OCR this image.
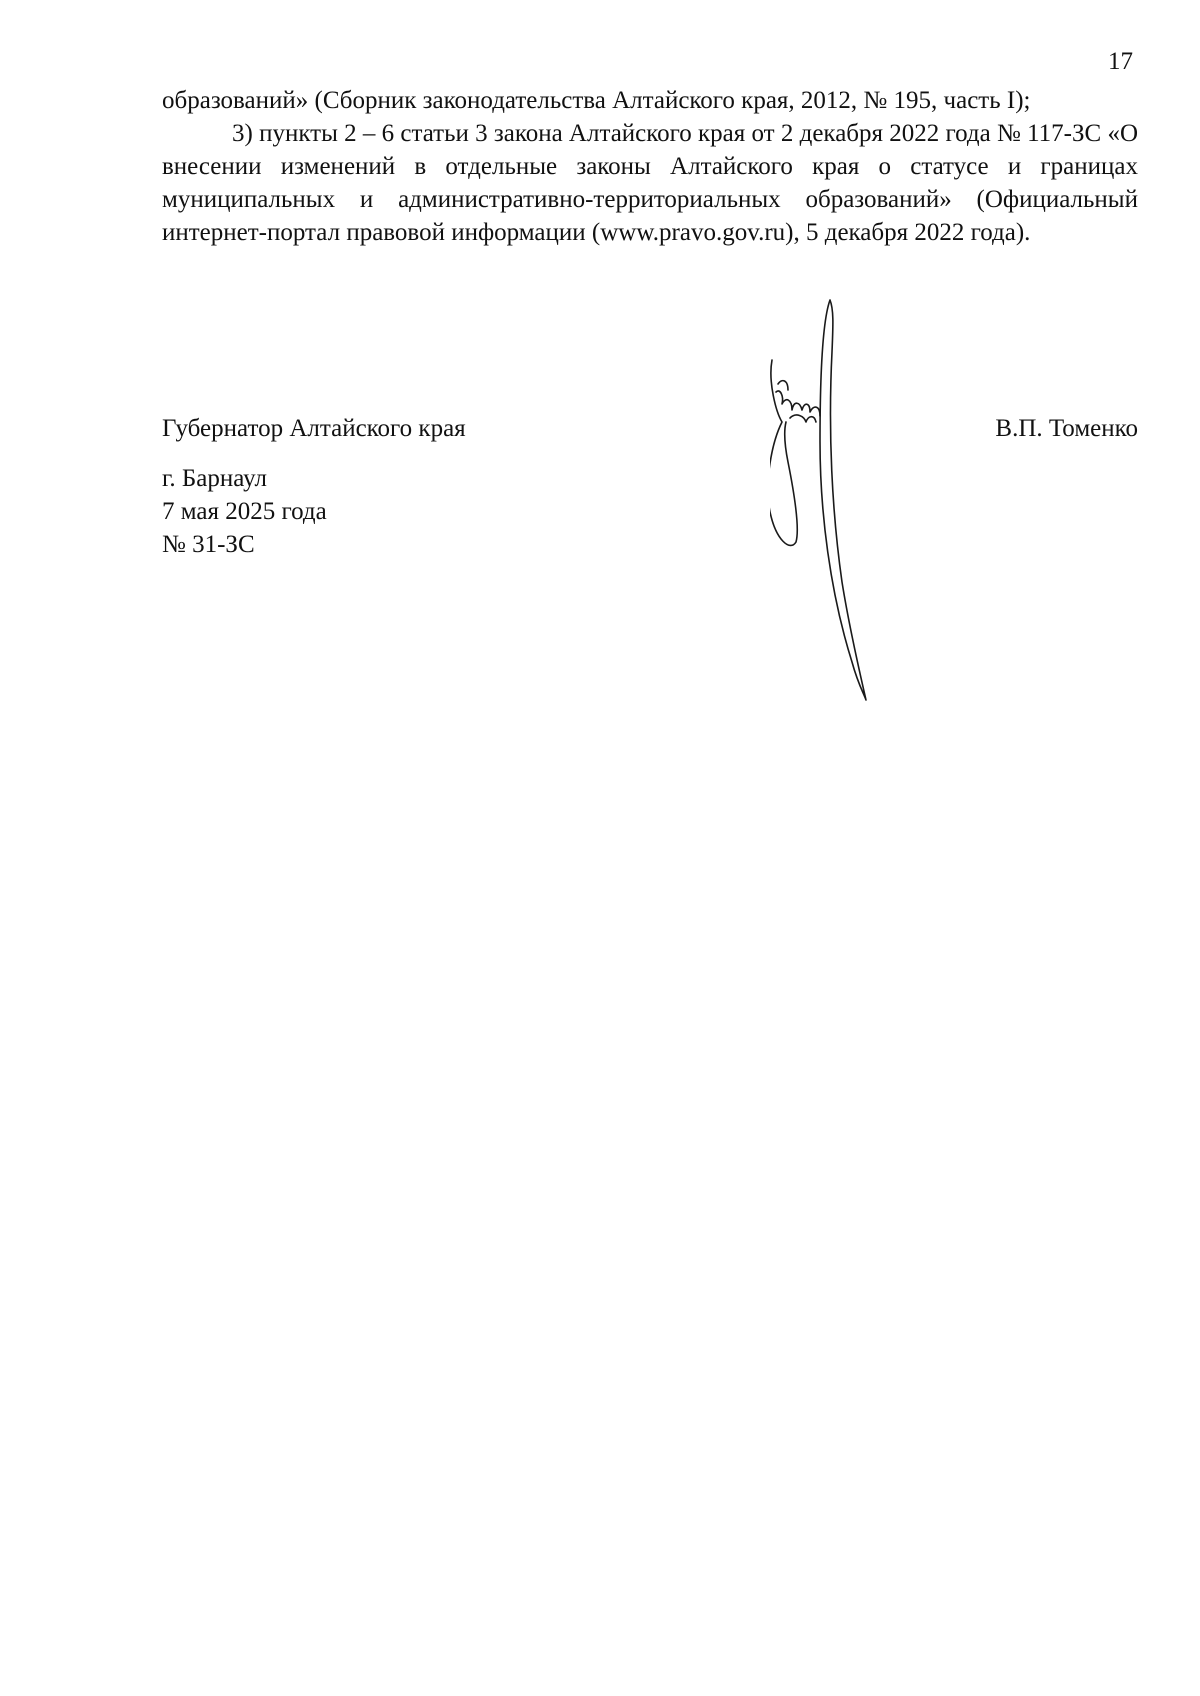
17

образований» (Сборник законодательства Алтайского края, 2012, № 195, часть I);

3) пункты 2 – 6 статьи 3 закона Алтайского края от 2 декабря 2022 года № 117-ЗС «О внесении изменений в отдельные законы Алтайского края о статусе и границах муниципальных и административно-территориальных образований» (Официальный интернет-портал правовой информации (www.pravo.gov.ru), 5 декабря 2022 года).

Губернатор Алтайского края	В.П. Томенко
г. Барнаул
7 мая 2025 года
№ 31-ЗС
